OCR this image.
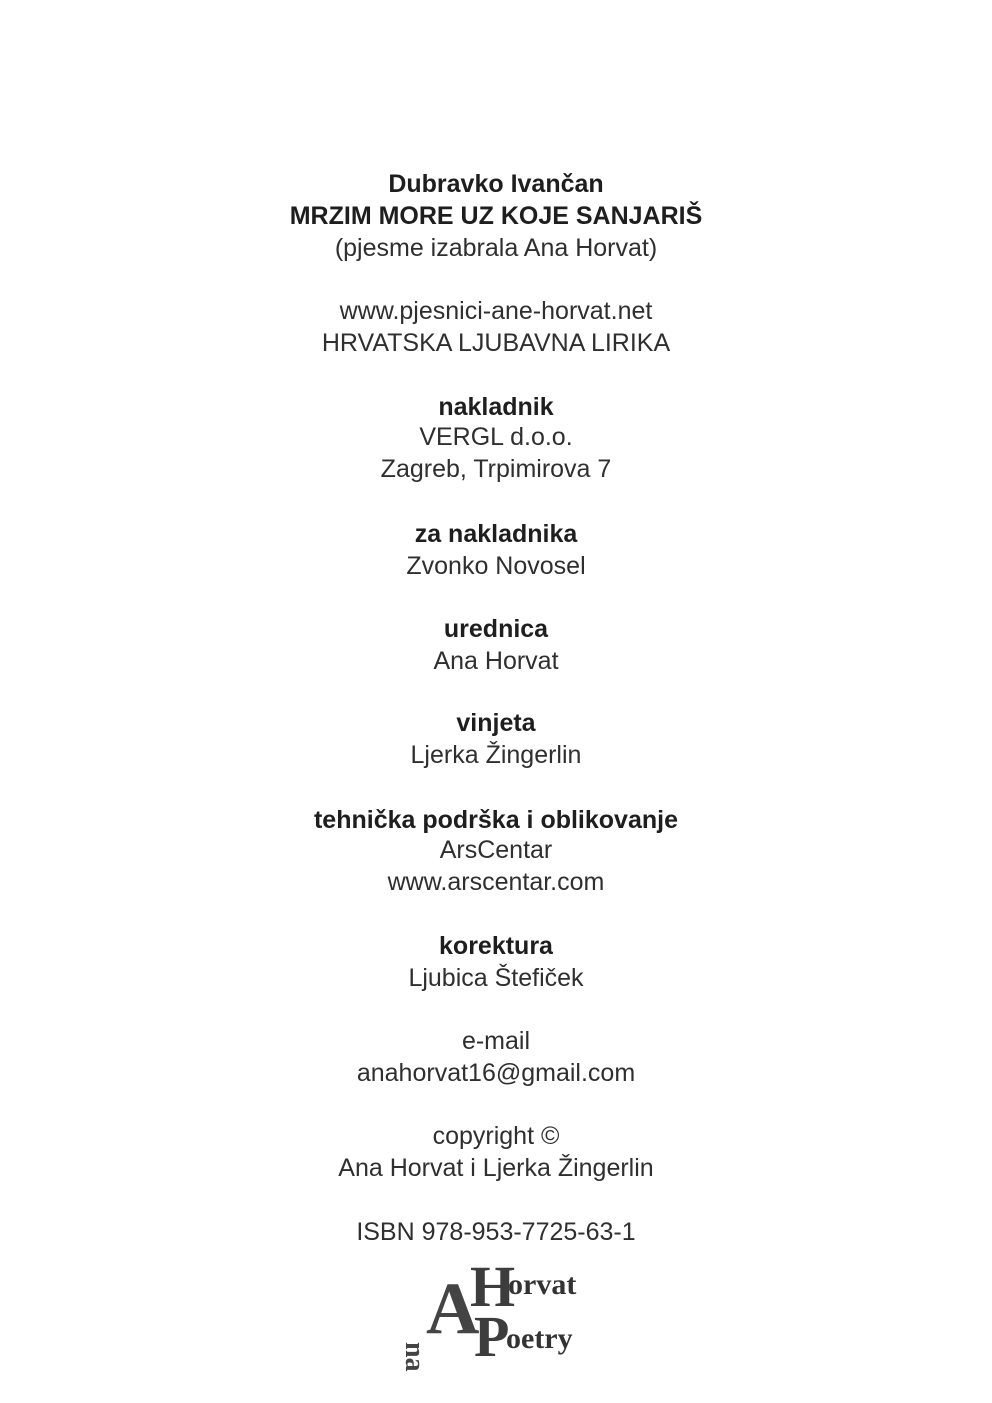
Dubravko Ivančan
MRZIM MORE UZ KOJE SANJARIŠ
(pjesme izabrala Ana Horvat)
www.pjesnici-ane-horvat.net
HRVATSKA LJUBAVNA LIRIKA
nakladnik
VERGL d.o.o.
Zagreb, Trpimirova 7
za nakladnika
Zvonko Novosel
urednica
Ana Horvat
vinjeta
Ljerka Žingerlin
tehnička podrška i oblikovanje
ArsCentar
www.arscentar.com
korektura
Ljubica Štefiček
e-mail
anahorvat16@gmail.com
copyright ©
Ana Horvat i Ljerka Žingerlin
ISBN 978-953-7725-63-1
A
H
orvat
P
oetry
na
